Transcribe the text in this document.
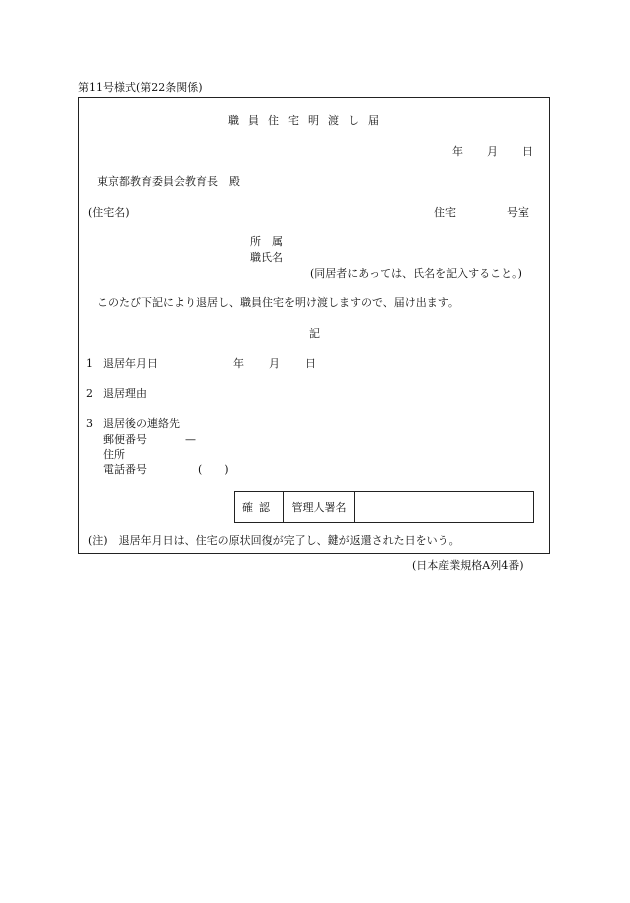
第11号様式(第22条関係)
職 員 住 宅 明 渡 し 届
年 月 日
東京都教育委員会教育長　殿
(住宅名)	住宅	号室
所　属
職氏名
(同居者にあっては、氏名を記入すること。)
このたび下記により退居し、職員住宅を明け渡しますので、届け出ます。
記
1 退居年月日	年 月 日
2 退居理由
3 退居後の連絡先
郵便番号	—
住所
電話番号	(　　)
確認	管理人署名	
(注)　退居年月日は、住宅の原状回復が完了し、鍵が返還された日をいう。
(日本産業規格A列4番)
